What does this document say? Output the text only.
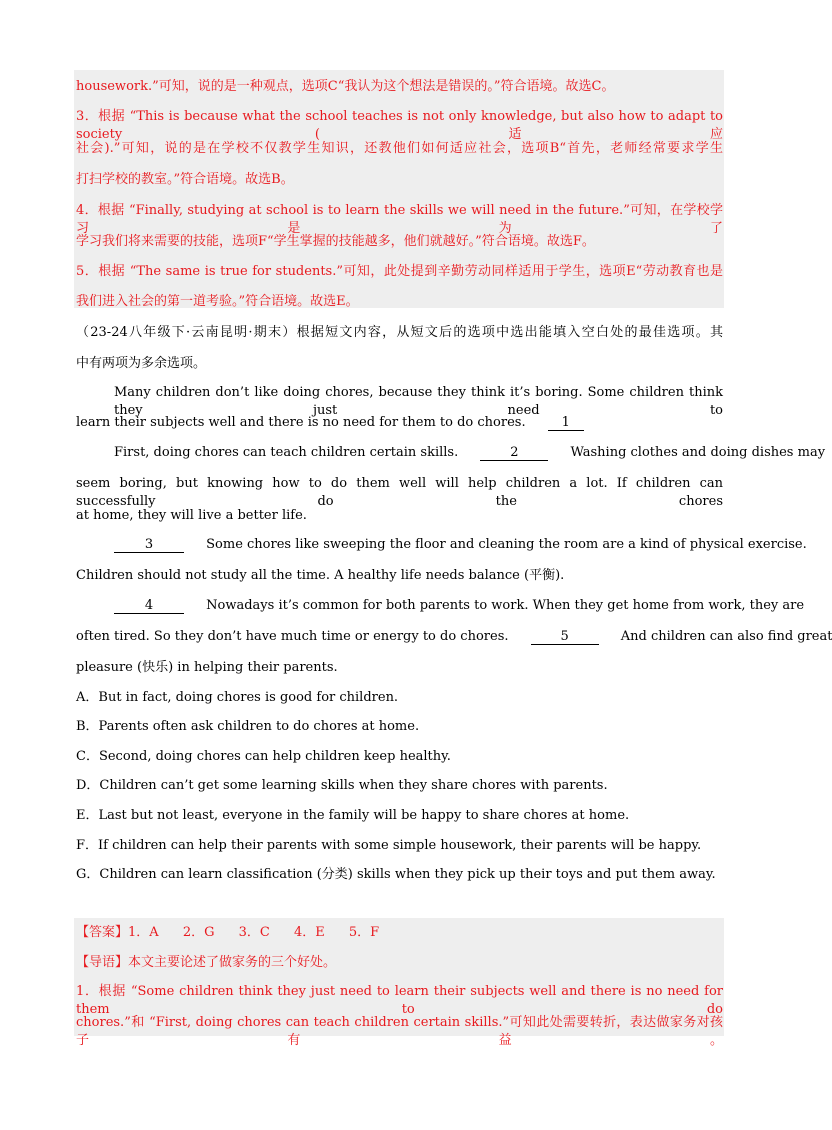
housework.”可知，说的是一种观点，选项C“我认为这个想法是错误的。”符合语境。故选C。
3．根据 “This is because what the school teaches is not only knowledge, but also how to adapt to society (适应
社会).”可知，说的是在学校不仅教学生知识，还教他们如何适应社会，选项B“首先，老师经常要求学生
打扫学校的教室。”符合语境。故选B。
4．根据 “Finally, studying at school is to learn the skills we will need in the future.”可知，在学校学习是为了
学习我们将来需要的技能，选项F“学生掌握的技能越多，他们就越好。”符合语境。故选F。
5．根据 “The same is true for students.”可知，此处提到辛勤劳动同样适用于学生，选项E“劳动教育也是
我们进入社会的第一道考验。”符合语境。故选E。
（23-24八年级下·云南昆明·期末）根据短文内容，从短文后的选项中选出能填入空白处的最佳选项。其
中有两项为多余选项。
Many children don’t like doing chores, because they think it’s boring. Some children think they just need to
learn their subjects well and there is no need for them to do chores.	1
First, doing chores can teach children certain skills.	2	Washing clothes and doing dishes may
seem boring, but knowing how to do them well will help children a lot. If children can successfully do the chores
at home, they will live a better life.
3	Some chores like sweeping the floor and cleaning the room are a kind of physical exercise.
Children should not study all the time. A healthy life needs balance (平衡).
4	Nowadays it’s common for both parents to work. When they get home from work, they are
often tired. So they don’t have much time or energy to do chores.	5	And children can also find great
pleasure (快乐) in helping their parents.
A．But in fact, doing chores is good for children.
B．Parents often ask children to do chores at home.
C．Second, doing chores can help children keep healthy.
D．Children can’t get some learning skills when they share chores with parents.
E．Last but not least, everyone in the family will be happy to share chores at home.
F．If children can help their parents with some simple housework, their parents will be happy.
G．Children can learn classification (分类) skills when they pick up their toys and put them away.
【答案】1．A 2．G 3．C 4．E 5．F
【导语】本文主要论述了做家务的三个好处。
1．根据 “Some children think they just need to learn their subjects well and there is no need for them to do
chores.”和 “First, doing chores can teach children certain skills.”可知此处需要转折，表达做家务对孩子有益。
